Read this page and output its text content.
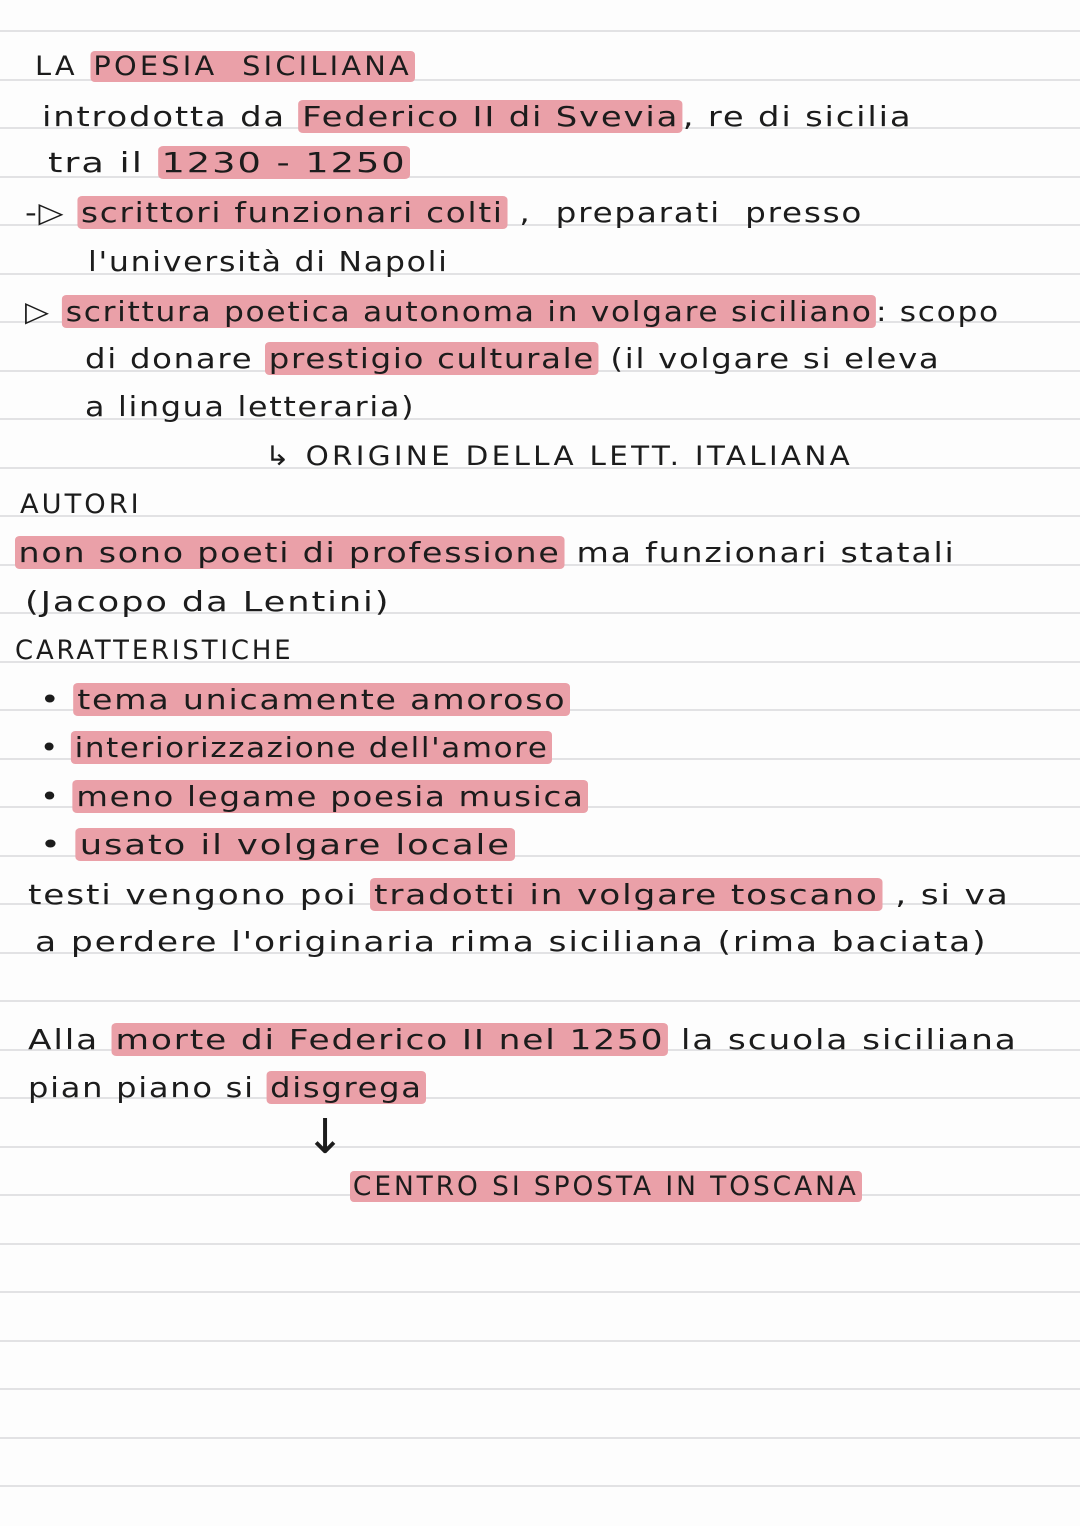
LA POESIA  SICILIANA
introdotta da Federico II di Svevia , re di sicilia
tra il 1230 - 1250
-▷ scrittori funzionari colti ,  preparati  presso
l'università di Napoli
▷ scrittura poetica autonoma in volgare siciliano : scopo
di donare prestigio culturale (il volgare si eleva
a lingua letteraria)
↳ ORIGINE DELLA LETT. ITALIANA
AUTORI
non sono poeti di professione ma funzionari statali
(Jacopo da Lentini)
CARATTERISTICHE
• tema unicamente amoroso
• interiorizzazione dell'amore
• meno legame poesia musica
• usato il volgare locale
testi vengono poi tradotti in volgare toscano , si va
a perdere l'originaria rima siciliana (rima baciata)
Alla morte di Federico II nel 1250 la scuola siciliana
pian piano si disgrega
↓
CENTRO SI SPOSTA IN TOSCANA
